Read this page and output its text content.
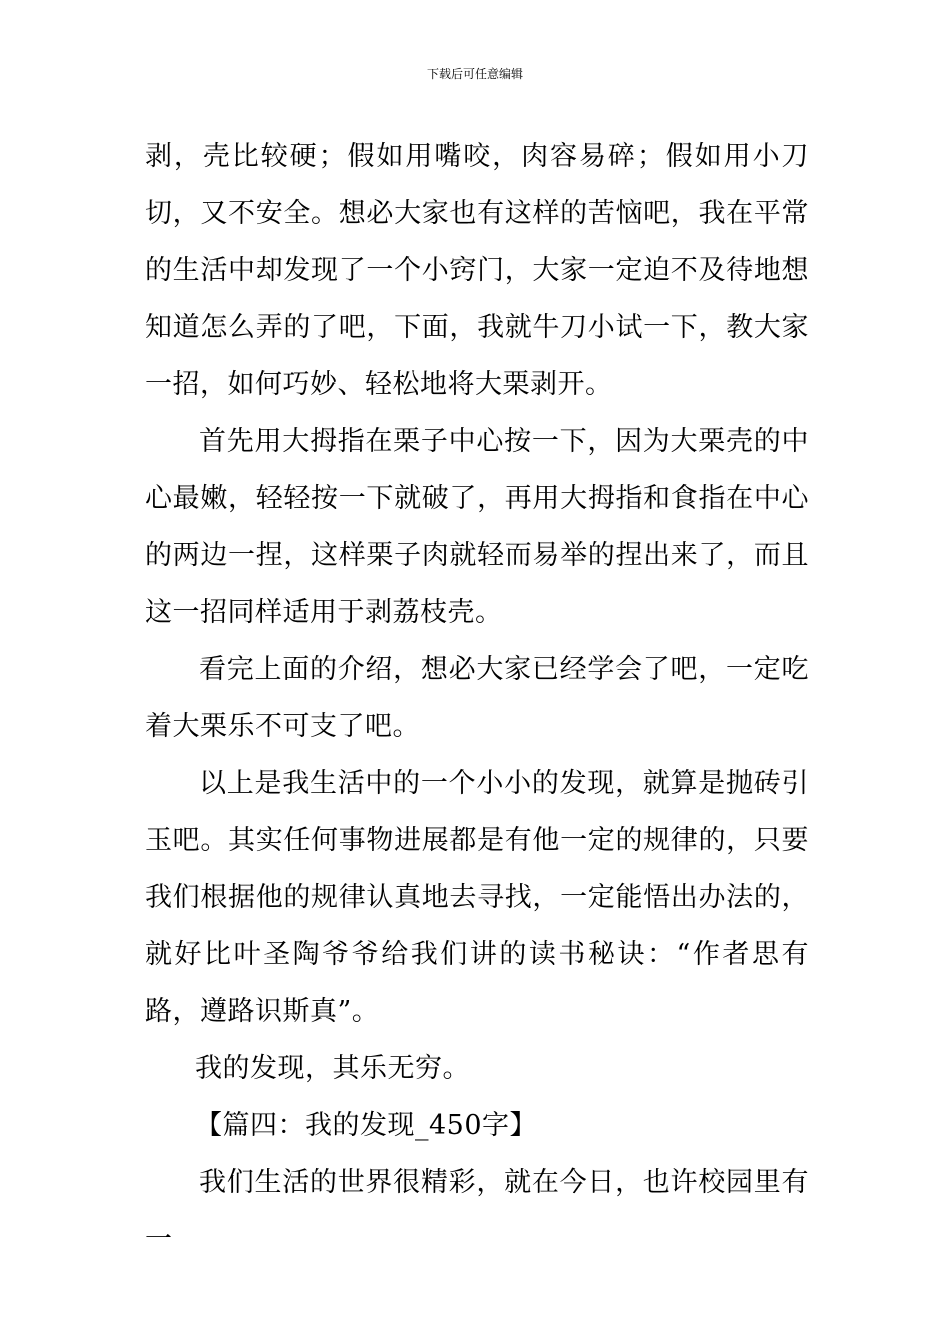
下载后可任意编辑

剥，壳比较硬；假如用嘴咬，肉容易碎；假如用小刀切，又不安全。想必大家也有这样的苦恼吧，我在平常的生活中却发现了一个小窍门，大家一定迫不及待地想知道怎么弄的了吧，下面，我就牛刀小试一下，教大家一招，如何巧妙、轻松地将大栗剥开。

首先用大拇指在栗子中心按一下，因为大栗壳的中心最嫩，轻轻按一下就破了，再用大拇指和食指在中心的两边一捏，这样栗子肉就轻而易举的捏出来了，而且这一招同样适用于剥荔枝壳。

看完上面的介绍，想必大家已经学会了吧，一定吃着大栗乐不可支了吧。

以上是我生活中的一个小小的发现，就算是抛砖引玉吧。其实任何事物进展都是有他一定的规律的，只要我们根据他的规律认真地去寻找，一定能悟出办法的，就好比叶圣陶爷爷给我们讲的读书秘诀：“作者思有路，遵路识斯真”。

我的发现，其乐无穷。

【篇四：我的发现_450字】

我们生活的世界很精彩，就在今日，也许校园里有一
